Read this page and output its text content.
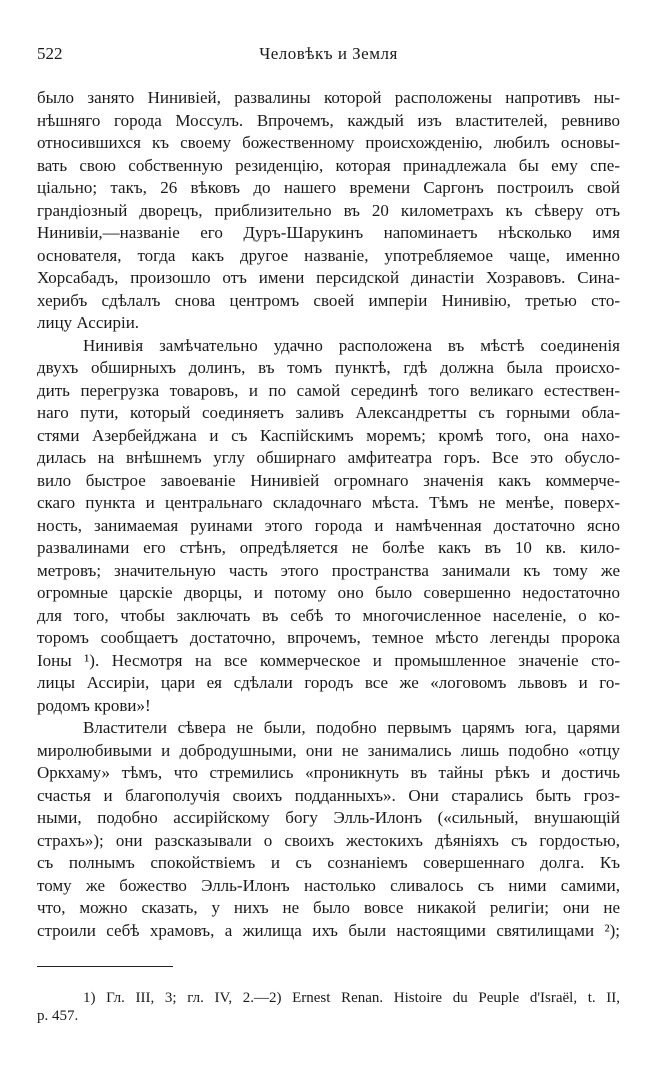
522	Человѣкъ и Земля
было занято Нинивіей, развалины которой расположены напротивъ ны-
нѣшняго города Моссулъ. Впрочемъ, каждый изъ властителей, ревниво
относившихся къ своему божественному происхожденію, любилъ основы-
вать свою собственную резиденцію, которая принадлежала бы ему спе-
ціально; такъ, 26 вѣковъ до нашего времени Саргонъ построилъ свой
грандіозный дворецъ, приблизительно въ 20 километрахъ къ сѣверу отъ
Нинивіи,—названіе его Дуръ-Шарукинъ напоминаетъ нѣсколько имя
основателя, тогда какъ другое названіе, употребляемое чаще, именно
Хорсабадъ, произошло отъ имени персидской династіи Хозравовъ. Сина-
херибъ сдѣлалъ снова центромъ своей имперіи Нинивію, третью сто-
лицу Ассиріи.
Нинивія замѣчательно удачно расположена въ мѣстѣ соединенія
двухъ обширныхъ долинъ, въ томъ пунктѣ, гдѣ должна была происхо-
дить перегрузка товаровъ, и по самой серединѣ того великаго естествен-
наго пути, который соединяетъ заливъ Александретты съ горными обла-
стями Азербейджана и съ Каспійскимъ моремъ; кромѣ того, она нахо-
дилась на внѣшнемъ углу обширнаго амфитеатра горъ. Все это обусло-
вило быстрое завоеваніе Нинивіей огромнаго значенія какъ коммерче-
скаго пункта и центральнаго складочнаго мѣста. Тѣмъ не менѣе, поверх-
ность, занимаемая руинами этого города и намѣченная достаточно ясно
развалинами его стѣнъ, опредѣляется не болѣе какъ въ 10 кв. кило-
метровъ; значительную часть этого пространства занимали къ тому же
огромные царскіе дворцы, и потому оно было совершенно недостаточно
для того, чтобы заключать въ себѣ то многочисленное населеніе, о ко-
торомъ сообщаетъ достаточно, впрочемъ, темное мѣсто легенды пророка
Іоны ¹). Несмотря на все коммерческое и промышленное значеніе сто-
лицы Ассиріи, цари ея сдѣлали городъ все же «логовомъ львовъ и го-
родомъ крови»!
Властители сѣвера не были, подобно первымъ царямъ юга, царями
миролюбивыми и добродушными, они не занимались лишь подобно «отцу
Оркхаму» тѣмъ, что стремились «проникнуть въ тайны рѣкъ и достичь
счастья и благополучія своихъ подданныхъ». Они старались быть гроз-
ными, подобно ассирійскому богу Элль-Илонъ («сильный, внушающій
страхъ»); они разсказывали о своихъ жестокихъ дѣяніяхъ съ гордостью,
съ полнымъ спокойствіемъ и съ сознаніемъ совершеннаго долга. Къ
тому же божество Элль-Илонъ настолько сливалось съ ними самими,
что, можно сказать, у нихъ не было вовсе никакой религіи; они не
строили себѣ храмовъ, а жилища ихъ были настоящими святилищами ²);
1) Гл. III, 3; гл. IV, 2.—2) Ernest Renan. Histoire du Peuple d'Israël, t. II,
p. 457.
